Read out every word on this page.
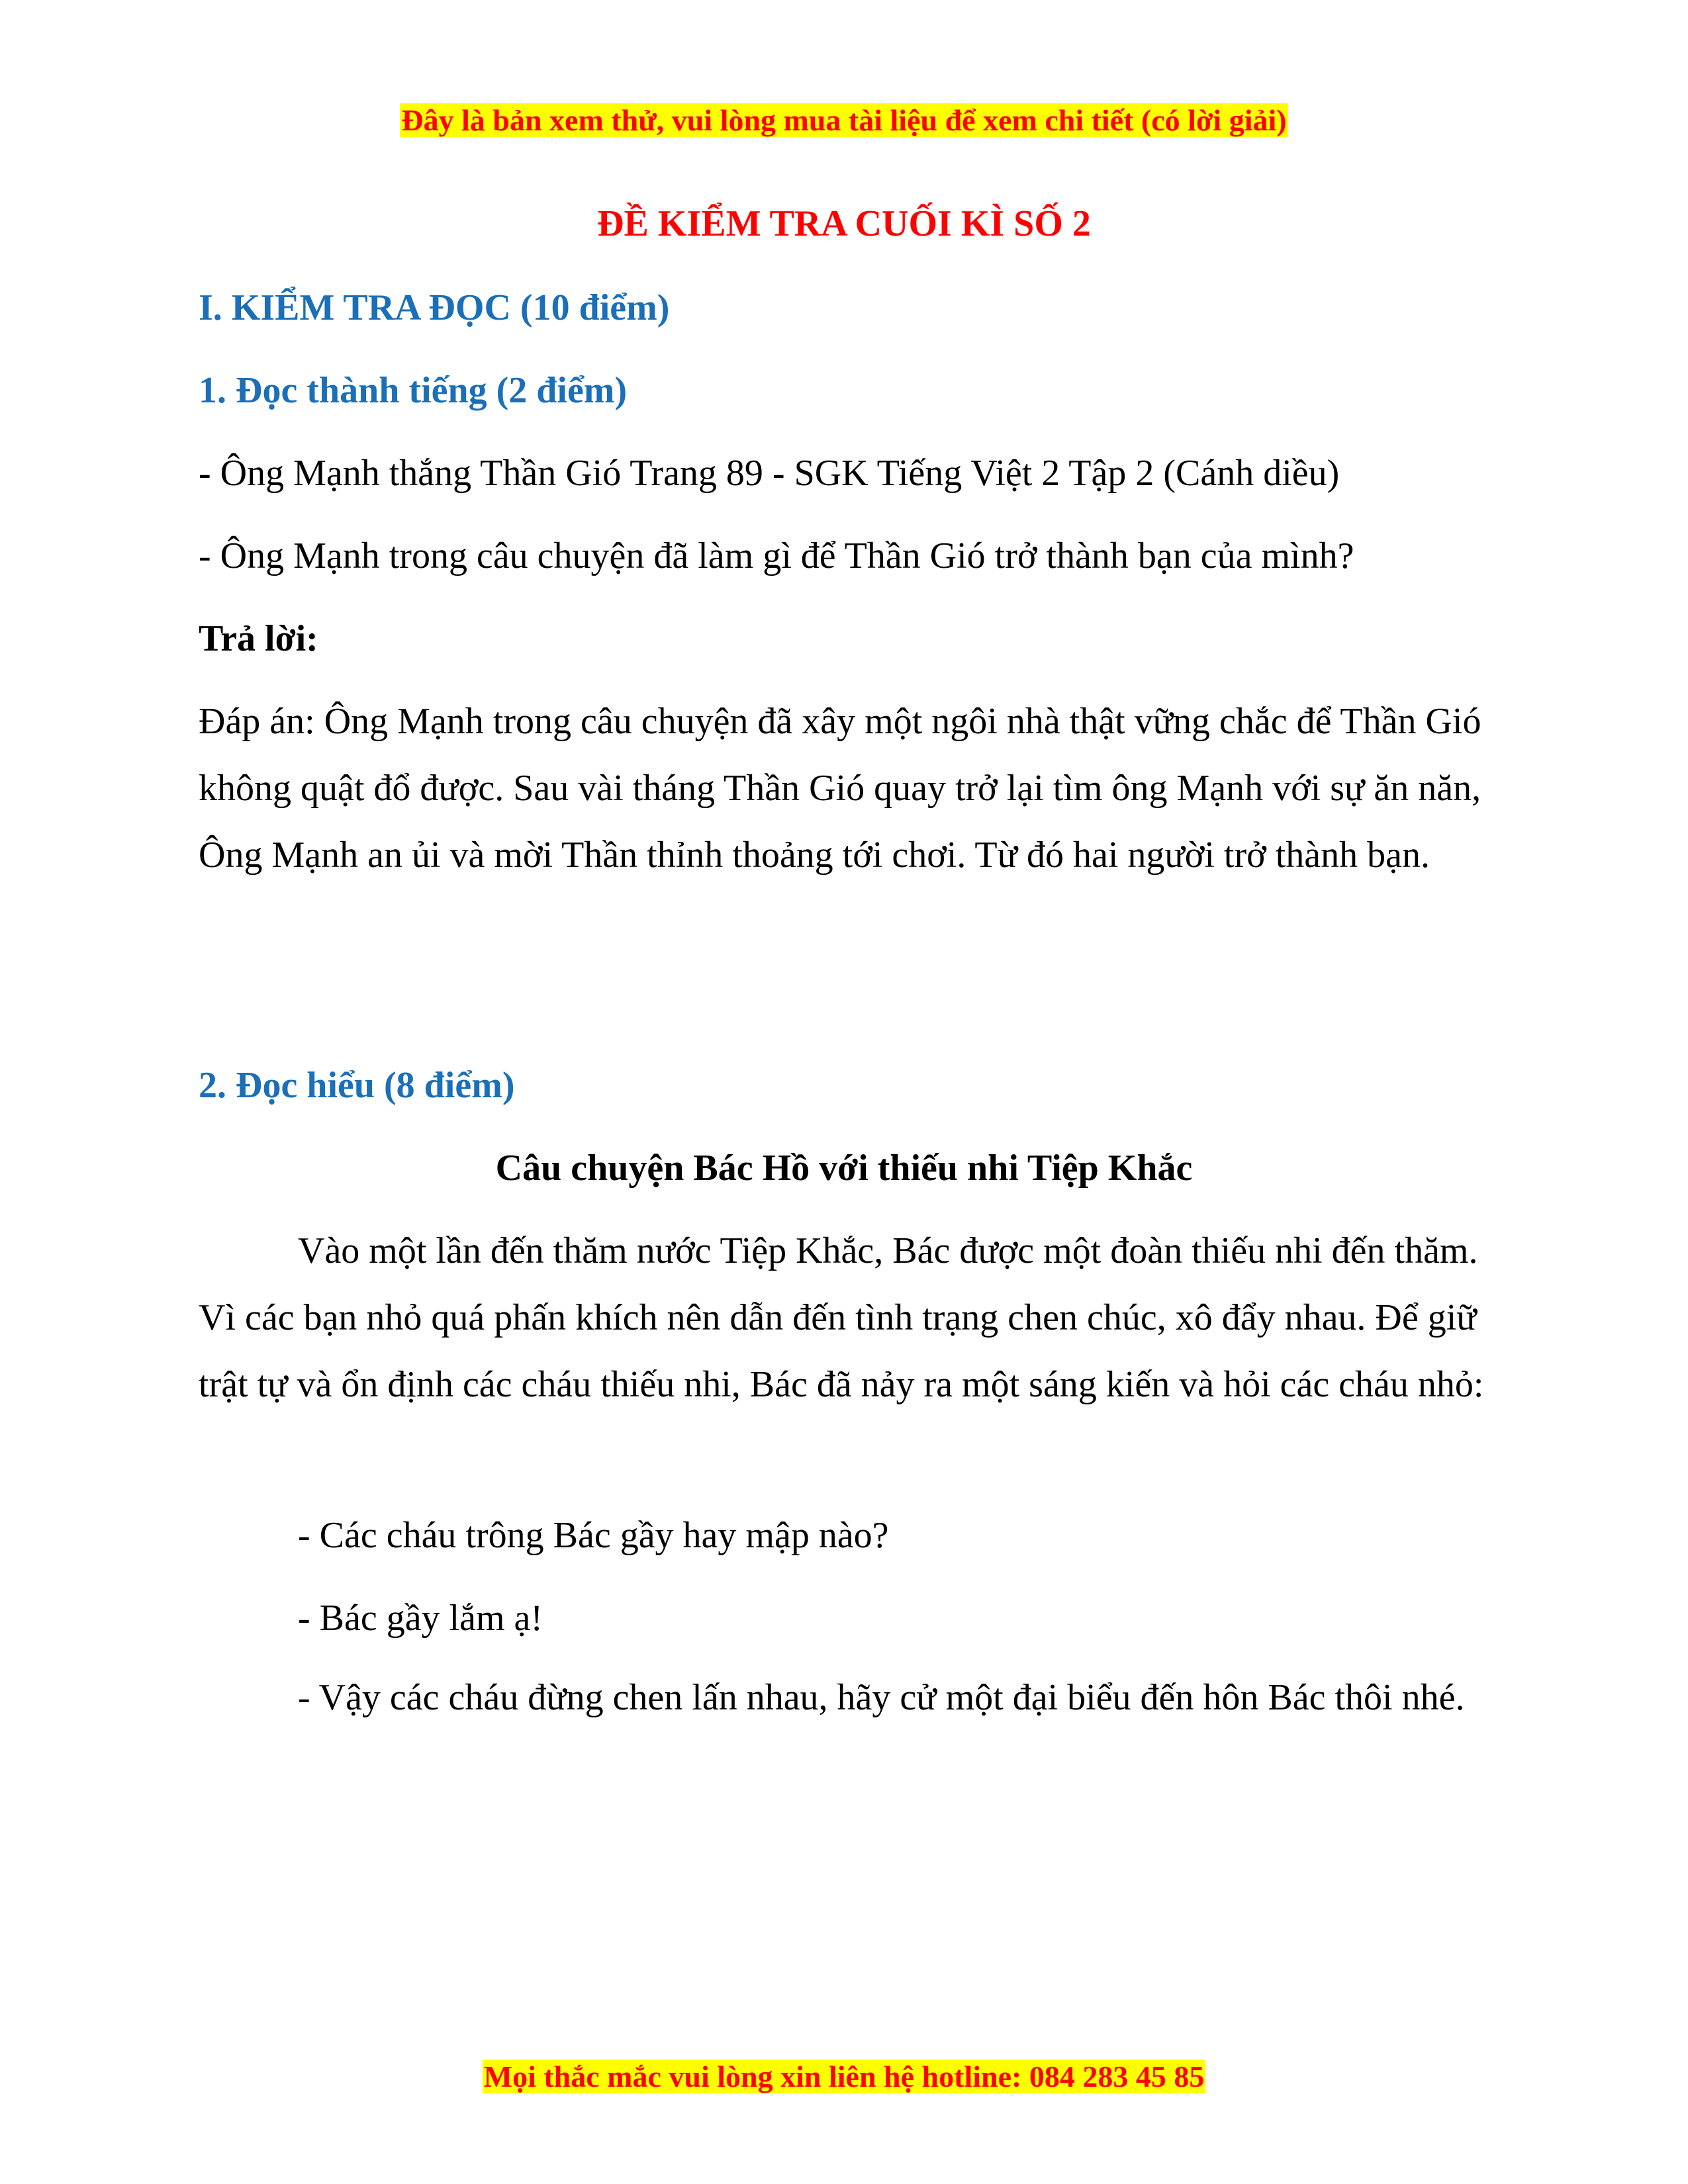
Đây là bản xem thử, vui lòng mua tài liệu để xem chi tiết (có lời giải)
ĐỀ KIỂM TRA CUỐI KÌ SỐ 2
I. KIỂM TRA ĐỌC (10 điểm)
1. Đọc thành tiếng (2 điểm)
- Ông Mạnh thắng Thần Gió Trang 89 - SGK Tiếng Việt 2 Tập 2 (Cánh diều)
- Ông Mạnh trong câu chuyện đã làm gì để Thần Gió trở thành bạn của mình?
Trả lời:
Đáp án: Ông Mạnh trong câu chuyện đã xây một ngôi nhà thật vững chắc để Thần Gió không quật đổ được. Sau vài tháng Thần Gió quay trở lại tìm ông Mạnh với sự ăn năn, Ông Mạnh an ủi và mời Thần thỉnh thoảng tới chơi. Từ đó hai người trở thành bạn.
2. Đọc hiểu (8 điểm)
Câu chuyện Bác Hồ với thiếu nhi Tiệp Khắc
Vào một lần đến thăm nước Tiệp Khắc, Bác được một đoàn thiếu nhi đến thăm. Vì các bạn nhỏ quá phấn khích nên dẫn đến tình trạng chen chúc, xô đẩy nhau. Để giữ trật tự và ổn định các cháu thiếu nhi, Bác đã nảy ra một sáng kiến và hỏi các cháu nhỏ:
- Các cháu trông Bác gầy hay mập nào?
- Bác gầy lắm ạ!
- Vậy các cháu đừng chen lấn nhau, hãy cử một đại biểu đến hôn Bác thôi nhé.
Mọi thắc mắc vui lòng xin liên hệ hotline: 084 283 45 85
